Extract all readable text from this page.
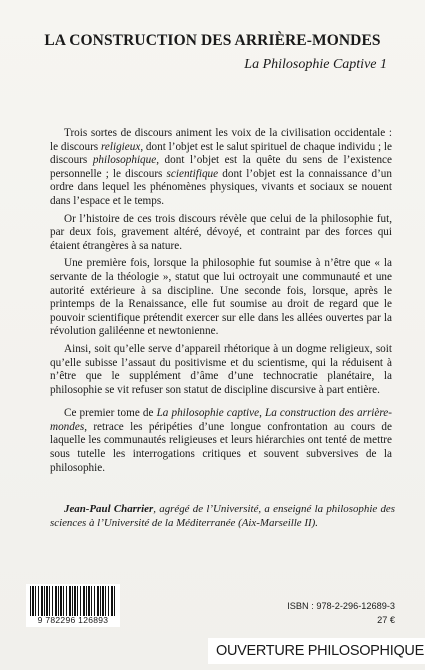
LA CONSTRUCTION DES ARRIÈRE-MONDES
La Philosophie Captive 1

Trois sortes de discours animent les voix de la civilisation occidentale : le discours religieux, dont l’objet est le salut spirituel de chaque individu ; le discours philosophique, dont l’objet est la quête du sens de l’existence personnelle ; le discours scientifique dont l’objet est la connaissance d’un ordre dans lequel les phénomènes physiques, vivants et sociaux se nouent dans l’espace et le temps.

Or l’histoire de ces trois discours révèle que celui de la philosophie fut, par deux fois, gravement altéré, dévoyé, et contraint par des forces qui étaient étrangères à sa nature.

Une première fois, lorsque la philosophie fut soumise à n’être que « la servante de la théologie », statut que lui octroyait une communauté et une autorité extérieure à sa discipline. Une seconde fois, lorsque, après le printemps de la Renaissance, elle fut soumise au droit de regard que le pouvoir scientifique prétendit exercer sur elle dans les allées ouvertes par la révolution galiléenne et newtonienne.

Ainsi, soit qu’elle serve d’appareil rhétorique à un dogme religieux, soit qu’elle subisse l’assaut du positivisme et du scientisme, qui la réduisent à n’être que le supplément d’âme d’une technocratie planétaire, la philosophie se vit refuser son statut de discipline discursive à part entière.

Ce premier tome de La philosophie captive, La construction des arrière-mondes, retrace les péripéties d’une longue confrontation au cours de laquelle les communautés religieuses et leurs hiérarchies ont tenté de mettre sous tutelle les interrogations critiques et souvent subversives de la philosophie.

Jean-Paul Charrier, agrégé de l’Université, a enseigné la philosophie des sciences à l’Université de la Méditerranée (Aix-Marseille II).
9 782296 126893
ISBN : 978-2-296-12689-3
27 €
OUVERTURE PHILOSOPHIQUE
